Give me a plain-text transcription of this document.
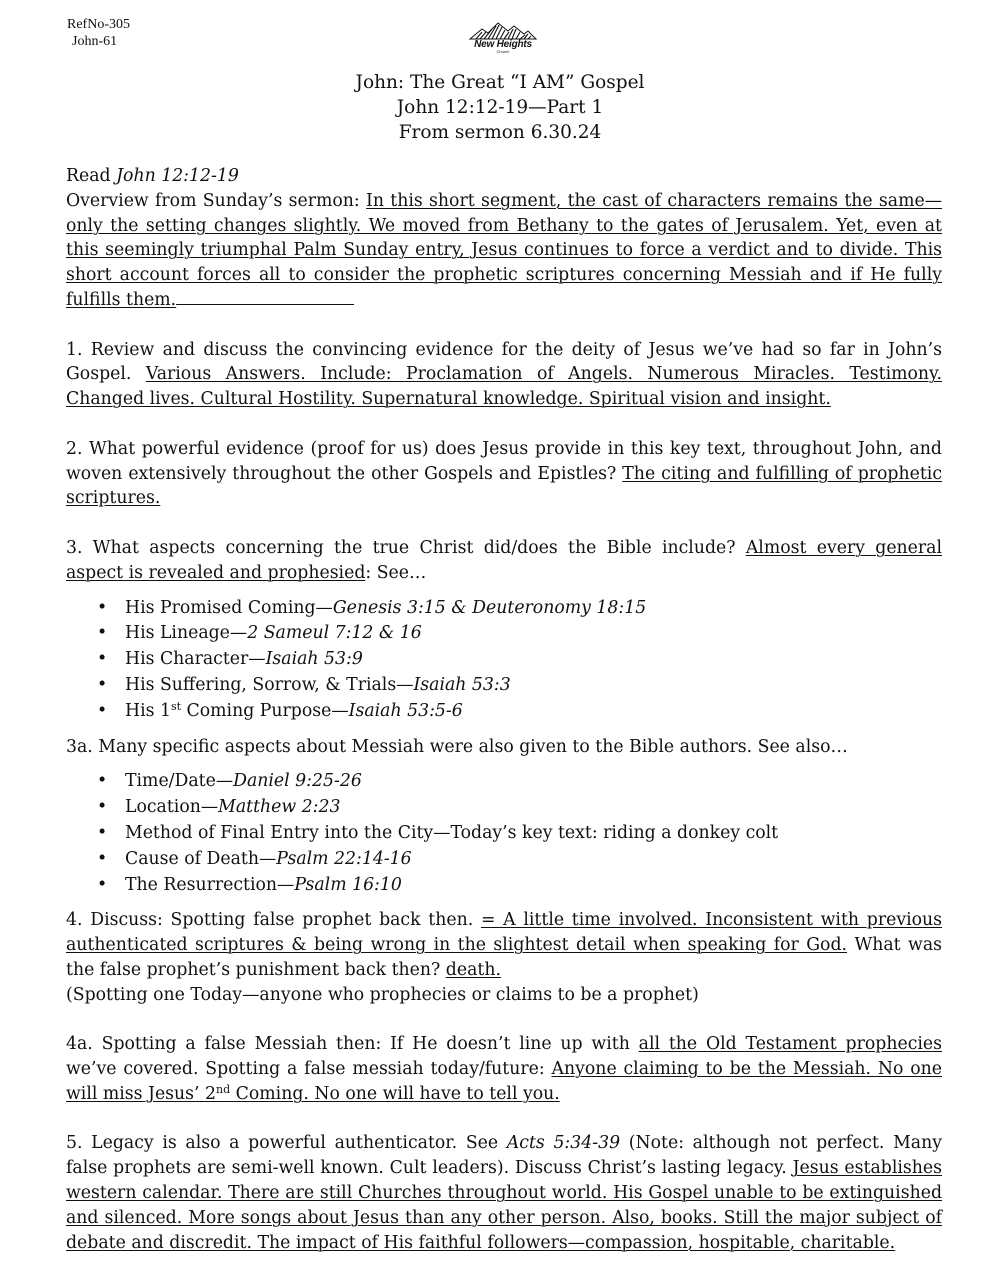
RefNo-305
John-61	New Heights
Church
John: The Great “I AM” Gospel
John 12:12-19—Part 1
From sermon 6.30.24

Read John 12:12-19

Overview from Sunday’s sermon: In this short segment, the cast of characters remains the same—only the setting changes slightly. We moved from Bethany to the gates of Jerusalem. Yet, even at this seemingly triumphal Palm Sunday entry, Jesus continues to force a verdict and to divide. This short account forces all to consider the prophetic scriptures concerning Messiah and if He fully fulfills them.

1. Review and discuss the convincing evidence for the deity of Jesus we’ve had so far in John’s Gospel. Various Answers. Include: Proclamation of Angels. Numerous Miracles. Testimony. Changed lives. Cultural Hostility. Supernatural knowledge. Spiritual vision and insight.

2. What powerful evidence (proof for us) does Jesus provide in this key text, throughout John, and woven extensively throughout the other Gospels and Epistles? The citing and fulfilling of prophetic scriptures.

3. What aspects concerning the true Christ did/does the Bible include? Almost every general aspect is revealed and prophesied: See…

• His Promised Coming—Genesis 3:15 & Deuteronomy 18:15
• His Lineage—2 Sameul 7:12 & 16
• His Character—Isaiah 53:9
• His Suffering, Sorrow, & Trials—Isaiah 53:3
• His 1st Coming Purpose—Isaiah 53:5-6

3a. Many specific aspects about Messiah were also given to the Bible authors. See also…

• Time/Date—Daniel 9:25-26
• Location—Matthew 2:23
• Method of Final Entry into the City—Today’s key text: riding a donkey colt
• Cause of Death—Psalm 22:14-16
• The Resurrection—Psalm 16:10

4. Discuss: Spotting false prophet back then. = A little time involved. Inconsistent with previous authenticated scriptures & being wrong in the slightest detail when speaking for God. What was the false prophet’s punishment back then? death.

(Spotting one Today—anyone who prophecies or claims to be a prophet)

4a. Spotting a false Messiah then: If He doesn’t line up with all the Old Testament prophecies we’ve covered. Spotting a false messiah today/future: Anyone claiming to be the Messiah. No one will miss Jesus’ 2nd Coming. No one will have to tell you.

5. Legacy is also a powerful authenticator. See Acts 5:34-39 (Note: although not perfect. Many false prophets are semi-well known. Cult leaders). Discuss Christ’s lasting legacy. Jesus establishes western calendar. There are still Churches throughout world. His Gospel unable to be extinguished and silenced. More songs about Jesus than any other person. Also, books. Still the major subject of debate and discredit. The impact of His faithful followers—compassion, hospitable, charitable.
